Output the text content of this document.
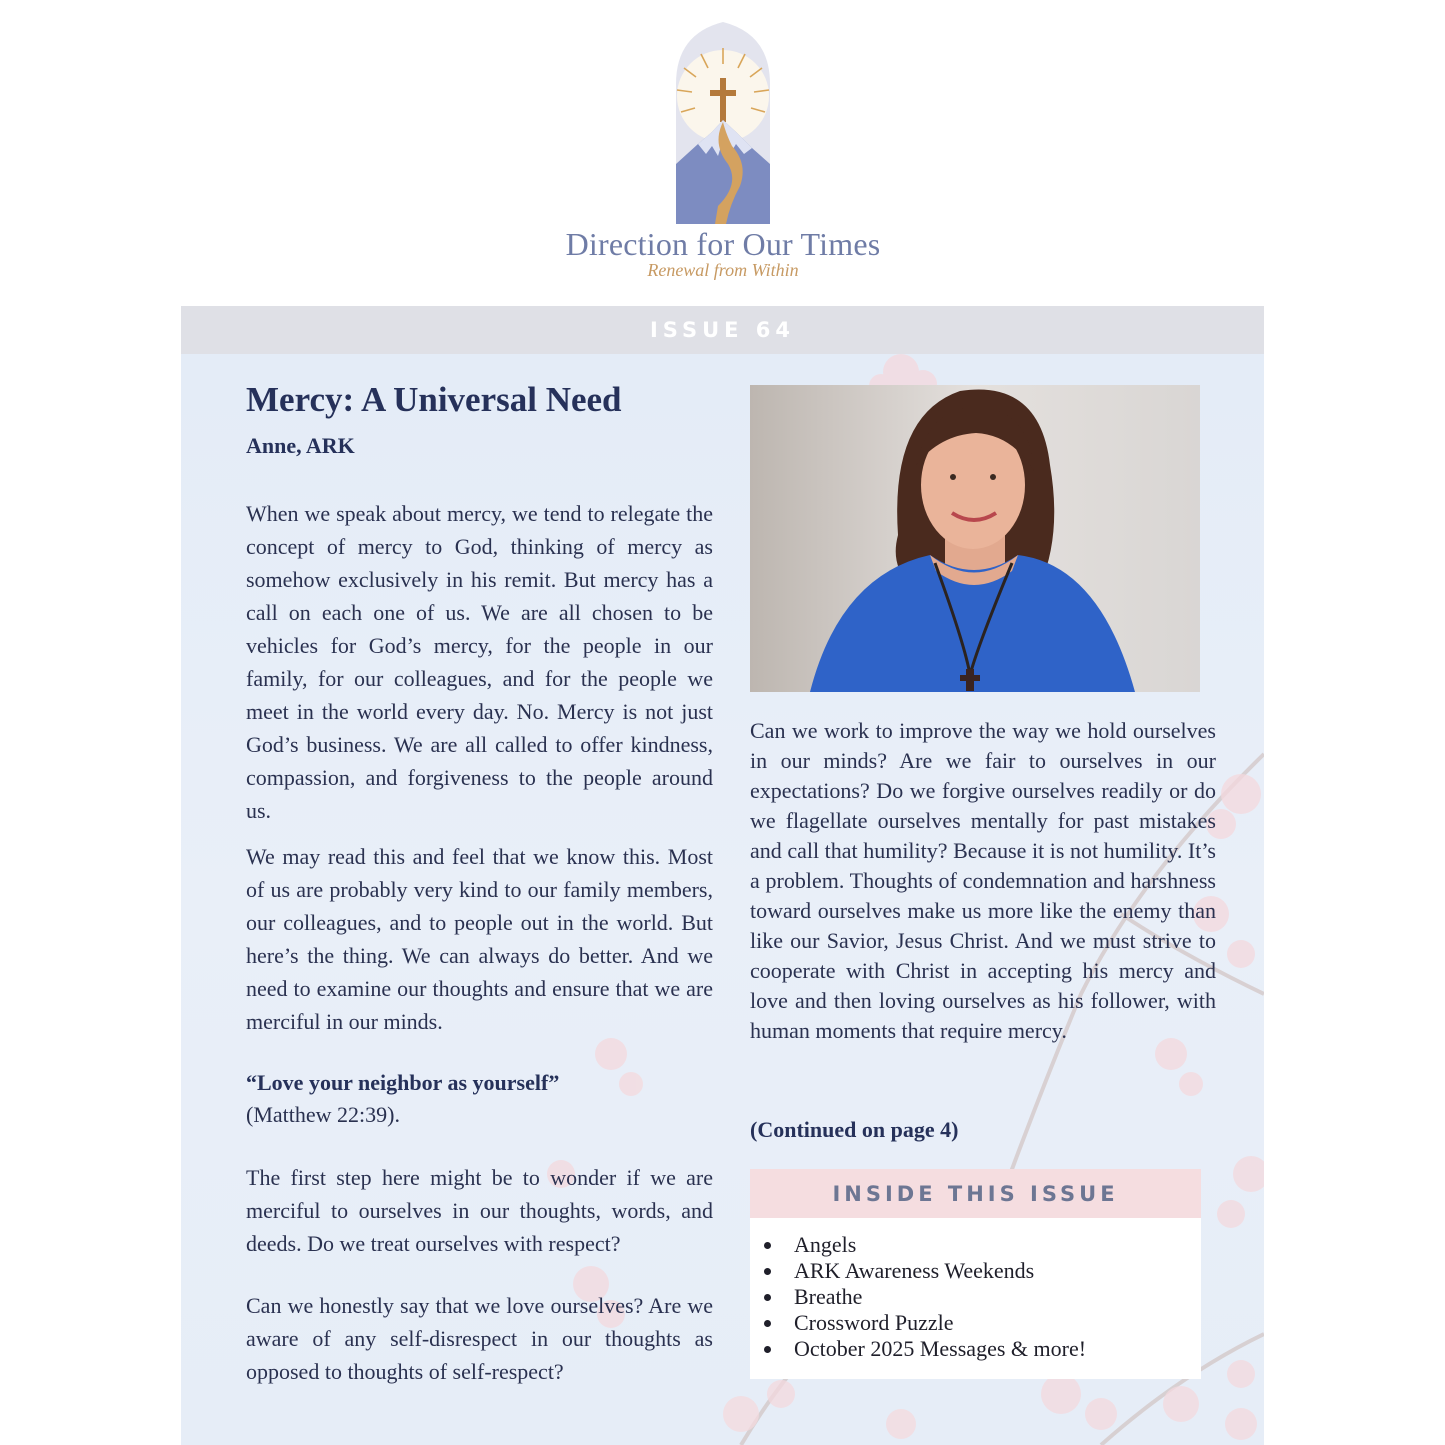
Direction for Our Times
Renewal from Within
ISSUE 64
Mercy: A Universal Need

Anne, ARK

When we speak about mercy, we tend to relegate the concept of mercy to God, thinking of mercy as somehow exclusively in his remit. But mercy has a call on each one of us. We are all chosen to be vehicles for God’s mercy, for the people in our family, for our colleagues, and for the people we meet in the world every day. No. Mercy is not just God’s business. We are all called to offer kindness, compassion, and forgiveness to the people around us.

We may read this and feel that we know this. Most of us are probably very kind to our family members, our colleagues, and to people out in the world. But here’s the thing. We can always do better. And we need to examine our thoughts and ensure that we are merciful in our minds.

“Love your neighbor as yourself”

(Matthew 22:39).

The first step here might be to wonder if we are merciful to ourselves in our thoughts, words, and deeds. Do we treat ourselves with respect?

Can we honestly say that we love ourselves? Are we aware of any self-disrespect in our thoughts as opposed to thoughts of self-respect?

Can we work to improve the way we hold ourselves in our minds? Are we fair to ourselves in our expectations? Do we forgive ourselves readily or do we flagellate ourselves mentally for past mistakes and call that humility? Because it is not humility. It’s a problem. Thoughts of condemnation and harshness toward ourselves make us more like the enemy than like our Savior, Jesus Christ. And we must strive to cooperate with Christ in accepting his mercy and love and then loving ourselves as his follower, with human moments that require mercy.

(Continued on page 4)

INSIDE THIS ISSUE
Angels
ARK Awareness Weekends
Breathe
Crossword Puzzle
October 2025 Messages & more!
